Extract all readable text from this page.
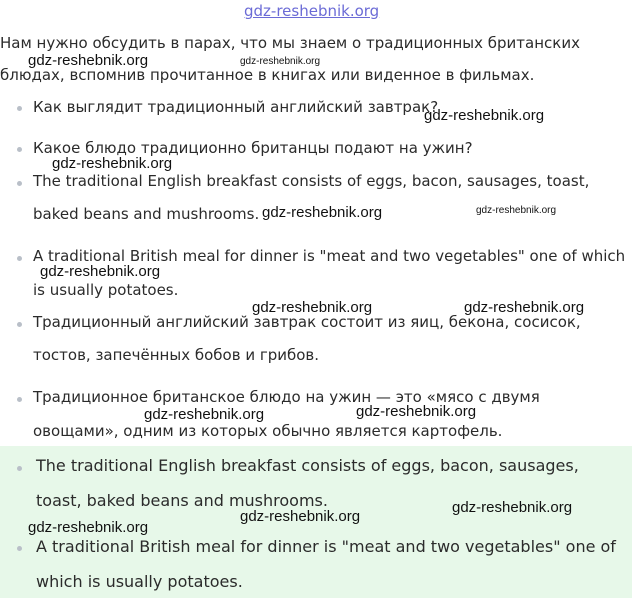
gdz-reshebnik.org
Нам нужно обсудить в парах, что мы знаем о традиционных британских
блюдах, вспомнив прочитанное в книгах или виденное в фильмах.
Как выглядит традиционный английский завтрак?
Какое блюдо традиционно британцы подают на ужин?
The traditional English breakfast consists of eggs, bacon, sausages, toast,
baked beans and mushrooms.
A traditional British meal for dinner is "meat and two vegetables" one of which
is usually potatoes.
Традиционный английский завтрак состоит из яиц, бекона, сосисок,
тостов, запечённых бобов и грибов.
Традиционное британское блюдо на ужин — это «мясо с двумя
овощами», одним из которых обычно является картофель.
The traditional English breakfast consists of eggs, bacon, sausages,
toast, baked beans and mushrooms.
A traditional British meal for dinner is "meat and two vegetables" one of
which is usually potatoes.
gdz-reshebnik.org	gdz-reshebnik.org
gdz-reshebnik.org
gdz-reshebnik.org
gdz-reshebnik.org	gdz-reshebnik.org
gdz-reshebnik.org
gdz-reshebnik.org	gdz-reshebnik.org
gdz-reshebnik.org	gdz-reshebnik.org
gdz-reshebnik.org
gdz-reshebnik.org
gdz-reshebnik.org
